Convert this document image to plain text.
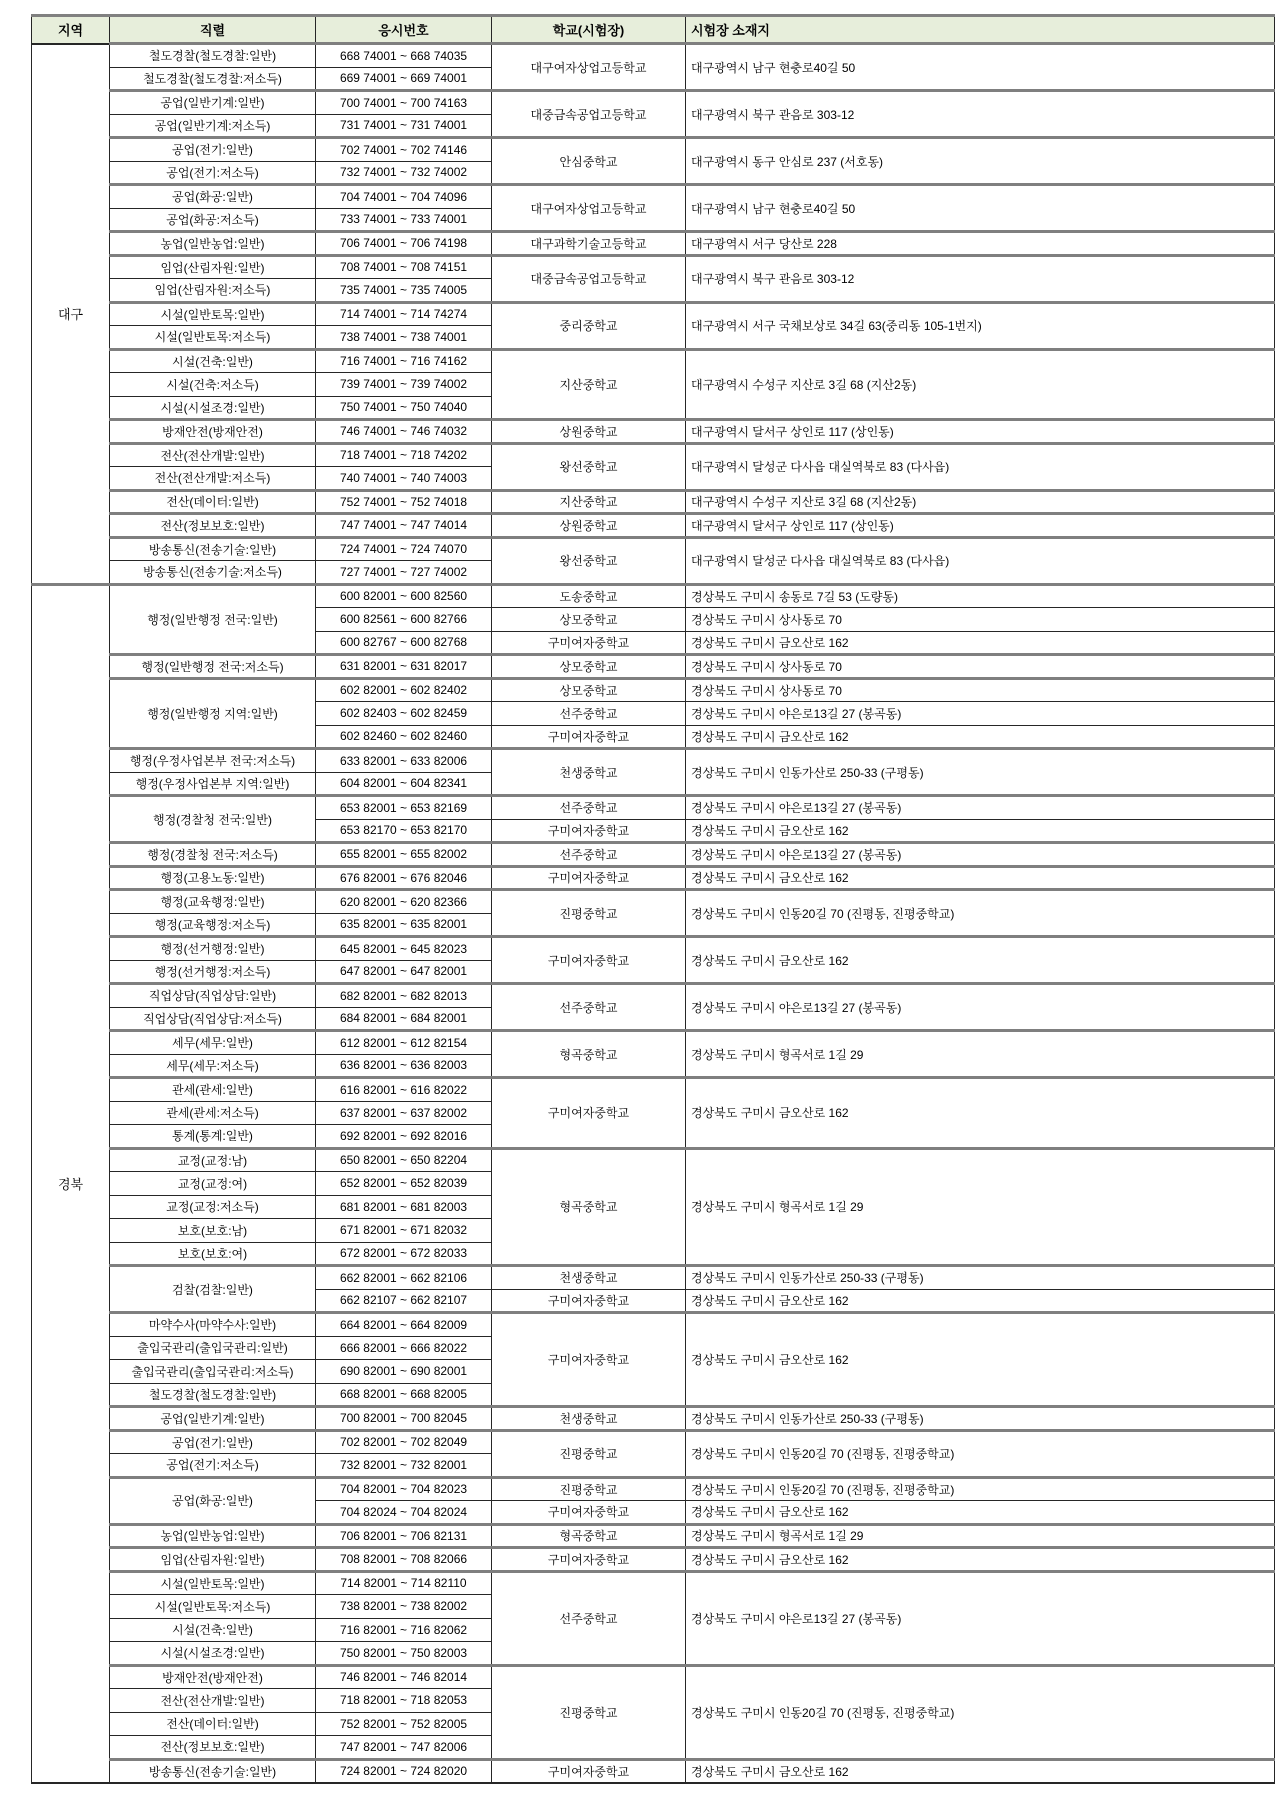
지역	직렬	응시번호	학교(시험장)	시험장 소재지
대구	철도경찰(철도경찰:일반)	668 74001 ~ 668 74035	대구여자상업고등학교	대구광역시 남구 현충로40길 50
	철도경찰(철도경찰:저소득)	669 74001 ~ 669 74001		
	공업(일반기계:일반)	700 74001 ~ 700 74163	대중금속공업고등학교	대구광역시 북구 관음로 303-12
	공업(일반기계:저소득)	731 74001 ~ 731 74001		
	공업(전기:일반)	702 74001 ~ 702 74146	안심중학교	대구광역시 동구 안심로 237 (서호동)
	공업(전기:저소득)	732 74001 ~ 732 74002		
	공업(화공:일반)	704 74001 ~ 704 74096	대구여자상업고등학교	대구광역시 남구 현충로40길 50
	공업(화공:저소득)	733 74001 ~ 733 74001		
	농업(일반농업:일반)	706 74001 ~ 706 74198	대구과학기술고등학교	대구광역시 서구 당산로 228
	임업(산림자원:일반)	708 74001 ~ 708 74151	대중금속공업고등학교	대구광역시 북구 관음로 303-12
	임업(산림자원:저소득)	735 74001 ~ 735 74005		
	시설(일반토목:일반)	714 74001 ~ 714 74274	중리중학교	대구광역시 서구 국채보상로 34길 63(중리동 105-1번지)
	시설(일반토목:저소득)	738 74001 ~ 738 74001		
	시설(건축:일반)	716 74001 ~ 716 74162	지산중학교	대구광역시 수성구 지산로 3길 68 (지산2동)
	시설(건축:저소득)	739 74001 ~ 739 74002		
	시설(시설조경:일반)	750 74001 ~ 750 74040		
	방재안전(방재안전)	746 74001 ~ 746 74032	상원중학교	대구광역시 달서구 상인로 117 (상인동)
	전산(전산개발:일반)	718 74001 ~ 718 74202	왕선중학교	대구광역시 달성군 다사읍 대실역북로 83 (다사읍)
	전산(전산개발:저소득)	740 74001 ~ 740 74003		
	전산(데이터:일반)	752 74001 ~ 752 74018	지산중학교	대구광역시 수성구 지산로 3길 68 (지산2동)
	전산(정보보호:일반)	747 74001 ~ 747 74014	상원중학교	대구광역시 달서구 상인로 117 (상인동)
	방송통신(전송기술:일반)	724 74001 ~ 724 74070	왕선중학교	대구광역시 달성군 다사읍 대실역북로 83 (다사읍)
	방송통신(전송기술:저소득)	727 74001 ~ 727 74002		
경북	행정(일반행정 전국:일반)	600 82001 ~ 600 82560	도송중학교	경상북도 구미시 송동로 7길 53 (도량동)
		600 82561 ~ 600 82766	상모중학교	경상북도 구미시 상사동로 70
		600 82767 ~ 600 82768	구미여자중학교	경상북도 구미시 금오산로 162
	행정(일반행정 전국:저소득)	631 82001 ~ 631 82017	상모중학교	경상북도 구미시 상사동로 70
	행정(일반행정 지역:일반)	602 82001 ~ 602 82402	상모중학교	경상북도 구미시 상사동로 70
		602 82403 ~ 602 82459	선주중학교	경상북도 구미시 야은로13길 27 (봉곡동)
		602 82460 ~ 602 82460	구미여자중학교	경상북도 구미시 금오산로 162
	행정(우정사업본부 전국:저소득)	633 82001 ~ 633 82006	천생중학교	경상북도 구미시 인동가산로 250-33 (구평동)
	행정(우정사업본부 지역:일반)	604 82001 ~ 604 82341		
	행정(경찰청 전국:일반)	653 82001 ~ 653 82169	선주중학교	경상북도 구미시 야은로13길 27 (봉곡동)
		653 82170 ~ 653 82170	구미여자중학교	경상북도 구미시 금오산로 162
	행정(경찰청 전국:저소득)	655 82001 ~ 655 82002	선주중학교	경상북도 구미시 야은로13길 27 (봉곡동)
	행정(고용노동:일반)	676 82001 ~ 676 82046	구미여자중학교	경상북도 구미시 금오산로 162
	행정(교육행정:일반)	620 82001 ~ 620 82366	진평중학교	경상북도 구미시 인동20길 70 (진평동, 진평중학교)
	행정(교육행정:저소득)	635 82001 ~ 635 82001		
	행정(선거행정:일반)	645 82001 ~ 645 82023	구미여자중학교	경상북도 구미시 금오산로 162
	행정(선거행정:저소득)	647 82001 ~ 647 82001		
	직업상담(직업상담:일반)	682 82001 ~ 682 82013	선주중학교	경상북도 구미시 야은로13길 27 (봉곡동)
	직업상담(직업상담:저소득)	684 82001 ~ 684 82001		
	세무(세무:일반)	612 82001 ~ 612 82154	형곡중학교	경상북도 구미시 형곡서로 1길 29
	세무(세무:저소득)	636 82001 ~ 636 82003		
	관세(관세:일반)	616 82001 ~ 616 82022	구미여자중학교	경상북도 구미시 금오산로 162
	관세(관세:저소득)	637 82001 ~ 637 82002		
	통계(통계:일반)	692 82001 ~ 692 82016		
	교정(교정:남)	650 82001 ~ 650 82204	형곡중학교	경상북도 구미시 형곡서로 1길 29
	교정(교정:여)	652 82001 ~ 652 82039		
	교정(교정:저소득)	681 82001 ~ 681 82003		
	보호(보호:남)	671 82001 ~ 671 82032		
	보호(보호:여)	672 82001 ~ 672 82033		
	검찰(검찰:일반)	662 82001 ~ 662 82106	천생중학교	경상북도 구미시 인동가산로 250-33 (구평동)
		662 82107 ~ 662 82107	구미여자중학교	경상북도 구미시 금오산로 162
	마약수사(마약수사:일반)	664 82001 ~ 664 82009	구미여자중학교	경상북도 구미시 금오산로 162
	출입국관리(출입국관리:일반)	666 82001 ~ 666 82022		
	출입국관리(출입국관리:저소득)	690 82001 ~ 690 82001		
	철도경찰(철도경찰:일반)	668 82001 ~ 668 82005		
	공업(일반기계:일반)	700 82001 ~ 700 82045	천생중학교	경상북도 구미시 인동가산로 250-33 (구평동)
	공업(전기:일반)	702 82001 ~ 702 82049	진평중학교	경상북도 구미시 인동20길 70 (진평동, 진평중학교)
	공업(전기:저소득)	732 82001 ~ 732 82001		
	공업(화공:일반)	704 82001 ~ 704 82023	진평중학교	경상북도 구미시 인동20길 70 (진평동, 진평중학교)
		704 82024 ~ 704 82024	구미여자중학교	경상북도 구미시 금오산로 162
	농업(일반농업:일반)	706 82001 ~ 706 82131	형곡중학교	경상북도 구미시 형곡서로 1길 29
	임업(산림자원:일반)	708 82001 ~ 708 82066	구미여자중학교	경상북도 구미시 금오산로 162
	시설(일반토목:일반)	714 82001 ~ 714 82110	선주중학교	경상북도 구미시 야은로13길 27 (봉곡동)
	시설(일반토목:저소득)	738 82001 ~ 738 82002		
	시설(건축:일반)	716 82001 ~ 716 82062		
	시설(시설조경:일반)	750 82001 ~ 750 82003		
	방재안전(방재안전)	746 82001 ~ 746 82014	진평중학교	경상북도 구미시 인동20길 70 (진평동, 진평중학교)
	전산(전산개발:일반)	718 82001 ~ 718 82053		
	전산(데이터:일반)	752 82001 ~ 752 82005		
	전산(정보보호:일반)	747 82001 ~ 747 82006		
	방송통신(전송기술:일반)	724 82001 ~ 724 82020	구미여자중학교	경상북도 구미시 금오산로 162
